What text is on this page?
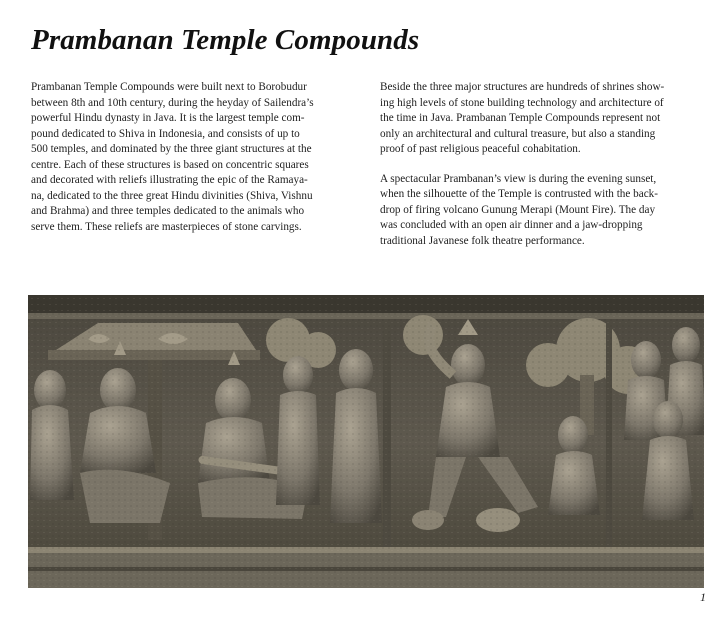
Prambanan Temple Compounds

Prambanan Temple Compounds were built next to Borobudur
between 8th and 10th century, during the heyday of Sailendra’s
powerful Hindu dynasty in Java. It is the largest temple com-
pound dedicated to Shiva in Indonesia, and consists of up to
500 temples, and dominated by the three giant structures at the
centre. Each of these structures is based on concentric squares
and decorated with reliefs illustrating the epic of the Ramaya-
na, dedicated to the three great Hindu divinities (Shiva, Vishnu
and Brahma) and three temples dedicated to the animals who
serve them. These reliefs are masterpieces of stone carvings.

Beside the three major structures are hundreds of shrines show-
ing high levels of stone building technology and architecture of
the time in Java. Prambanan Temple Compounds represent not
only an architectural and cultural treasure, but also a standing
proof of past religious peaceful cohabitation.

A spectacular Prambanan’s view is during the evening sunset,
when the silhouette of the Temple is contrusted with the back-
drop of firing volcano Gunung Merapi (Mount Fire). The day
was concluded with an open air dinner and a jaw-dropping
traditional Javanese folk theatre performance.

1
